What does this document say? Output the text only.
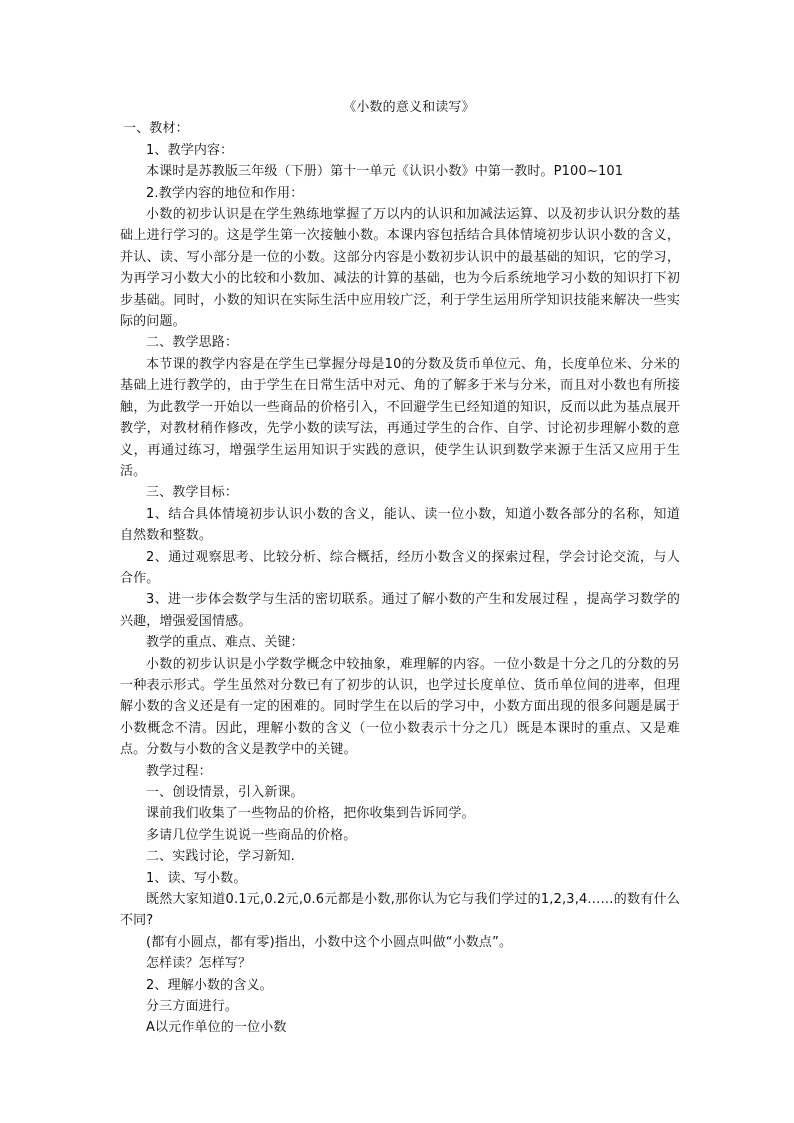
《小数的意义和读写》

一、教材：

1、教学内容：

本课时是苏教版三年级（下册）第十一单元《认识小数》中第一教时。P100~101

2.教学内容的地位和作用：

小数的初步认识是在学生熟练地掌握了万以内的认识和加减法运算、以及初步认识分数的基础上进行学习的。这是学生第一次接触小数。本课内容包括结合具体情境初步认识小数的含义，并认、读、写小部分是一位的小数。这部分内容是小数初步认识中的最基础的知识，它的学习，为再学习小数大小的比较和小数加、减法的计算的基础，也为今后系统地学习小数的知识打下初步基础。同时，小数的知识在实际生活中应用较广泛，利于学生运用所学知识技能来解决一些实际的问题。

二、教学思路：

本节课的教学内容是在学生已掌握分母是10的分数及货币单位元、角，长度单位米、分米的基础上进行教学的，由于学生在日常生活中对元、角的了解多于米与分米，而且对小数也有所接触，为此教学一开始以一些商品的价格引入，不回避学生已经知道的知识，反而以此为基点展开教学，对教材稍作修改，先学小数的读写法，再通过学生的合作、自学、讨论初步理解小数的意义，再通过练习，增强学生运用知识于实践的意识，使学生认识到数学来源于生活又应用于生活。

三、教学目标：

1、结合具体情境初步认识小数的含义，能认、读一位小数，知道小数各部分的名称，知道自然数和整数。

2、通过观察思考、比较分析、综合概括，经历小数含义的探索过程，学会讨论交流，与人合作。

3、进一步体会数学与生活的密切联系。通过了解小数的产生和发展过程 ，提高学习数学的兴趣，增强爱国情感。

教学的重点、难点、关键：

小数的初步认识是小学数学概念中较抽象，难理解的内容。一位小数是十分之几的分数的另一种表示形式。学生虽然对分数已有了初步的认识，也学过长度单位、货币单位间的进率，但理解小数的含义还是有一定的困难的。同时学生在以后的学习中，小数方面出现的很多问题是属于小数概念不清。因此，理解小数的含义（一位小数表示十分之几）既是本课时的重点、又是难点。分数与小数的含义是教学中的关键。

教学过程：

一、创设情景，引入新课。

课前我们收集了一些物品的价格，把你收集到告诉同学。

多请几位学生说说一些商品的价格。

二、实践讨论，学习新知.

1、读、写小数。

既然大家知道0.1元,0.2元,0.6元都是小数,那你认为它与我们学过的1,2,3,4……的数有什么不同?

(都有小圆点，都有零)指出，小数中这个小圆点叫做“小数点”。

怎样读？怎样写？

2、理解小数的含义。

分三方面进行。

A以元作单位的一位小数
